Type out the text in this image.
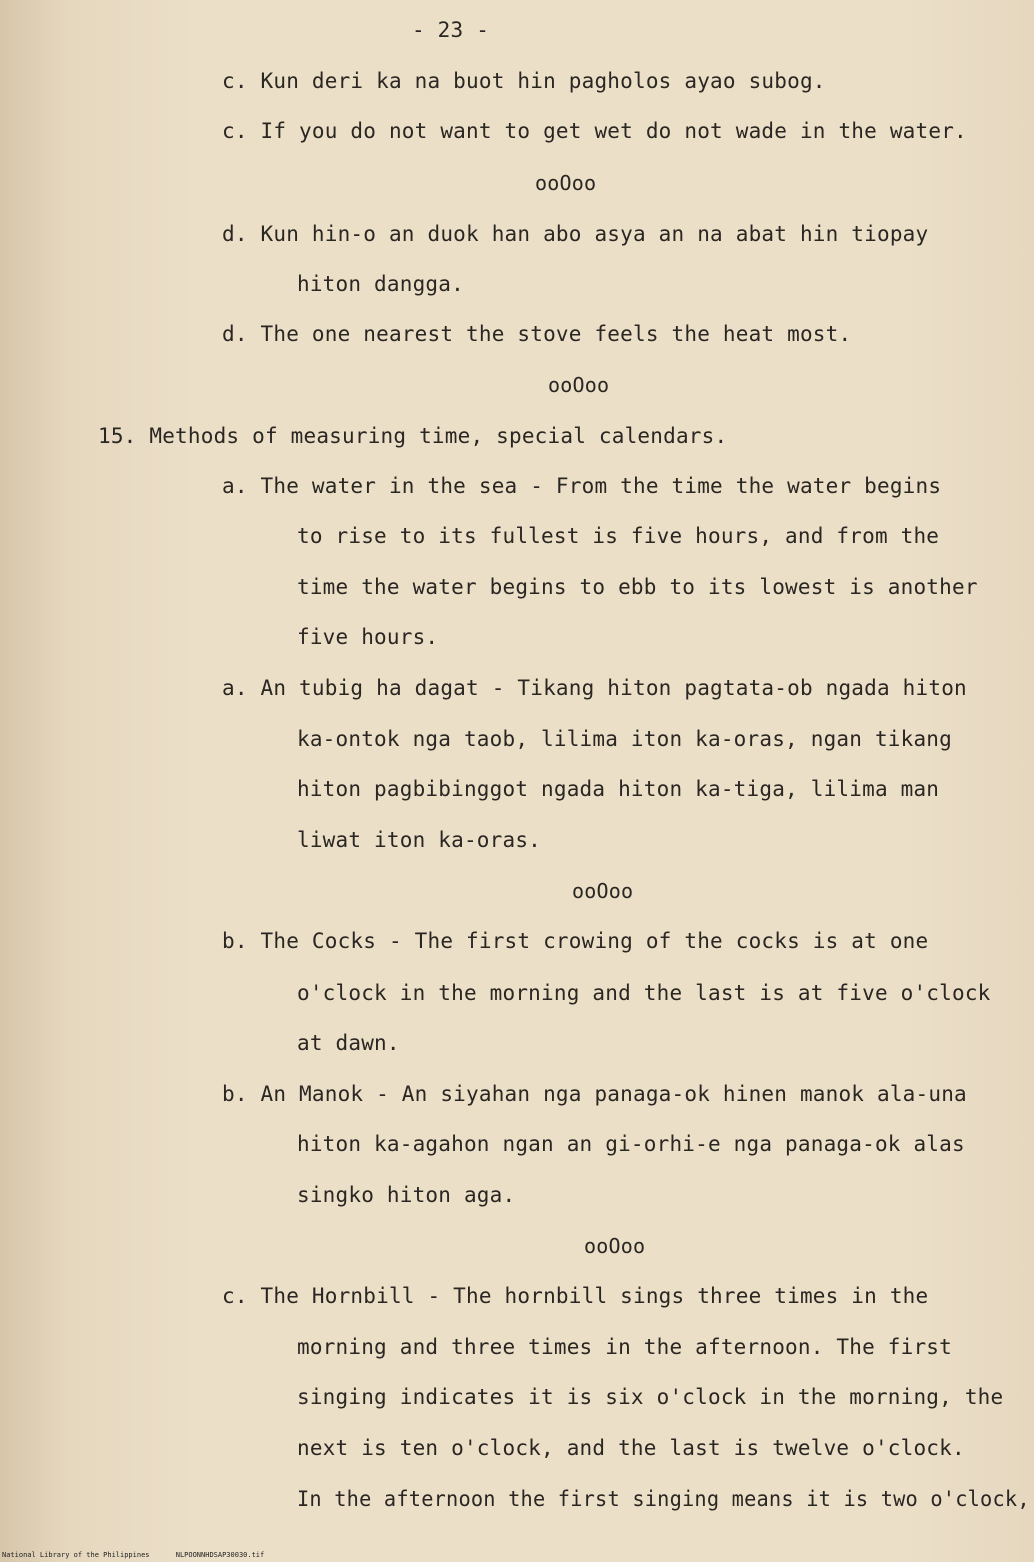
- 23 -
c. Kun deri ka na buot hin pagholos ayao subog.
c. If you do not want to get wet do not wade in the water.
ooOoo
d. Kun hin-o an duok han abo asya an na abat hin tiopay
hiton dangga.
d. The one nearest the stove feels the heat most.
ooOoo
15. Methods of measuring time, special calendars.
a. The water in the sea - From the time the water begins
to rise to its fullest is five hours, and from the
time the water begins to ebb to its lowest is another
five hours.
a. An tubig ha dagat - Tikang hiton pagtata-ob ngada hiton
ka-ontok nga taob, lilima iton ka-oras, ngan tikang
hiton pagbibinggot ngada hiton ka-tiga, lilima man
liwat iton ka-oras.
ooOoo
b. The Cocks - The first crowing of the cocks is at one
o'clock in the morning and the last is at five o'clock
at dawn.
b. An Manok - An siyahan nga panaga-ok hinen manok ala-una
hiton ka-agahon ngan an gi-orhi-e nga panaga-ok alas
singko hiton aga.
ooOoo
c. The Hornbill - The hornbill sings three times in the
morning and three times in the afternoon. The first
singing indicates it is six o'clock in the morning, the
next is ten o'clock, and the last is twelve o'clock.
In the afternoon the first singing means it is two o'clock,
National Library of the Philippines	NLPOONNHDSAP30030.tif
